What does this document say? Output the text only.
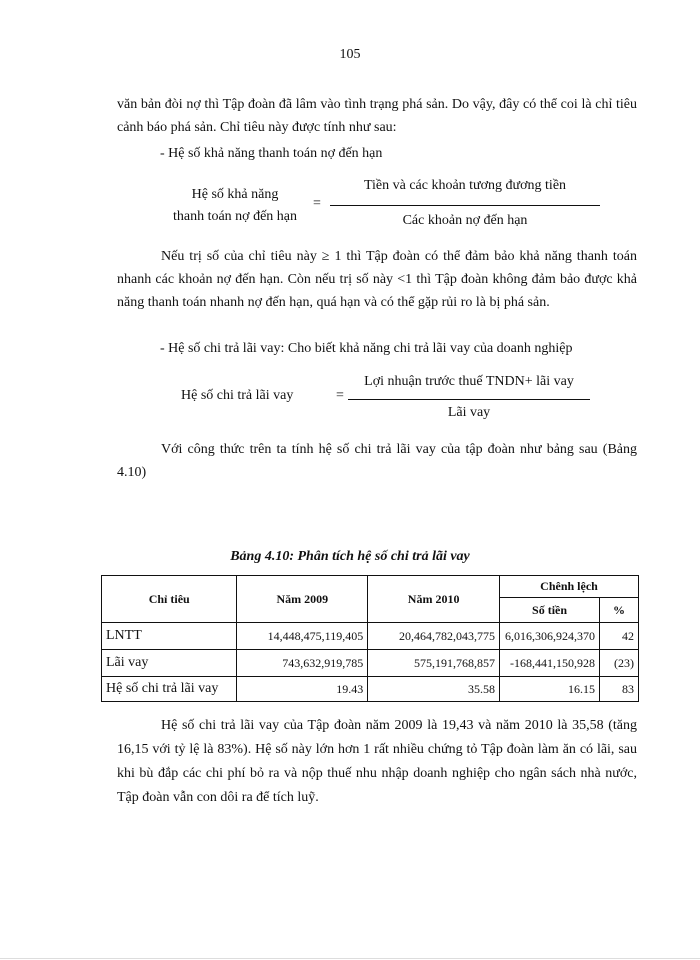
105
văn bản đòi nợ thì Tập đoàn đã lâm vào tình trạng phá sản. Do vậy, đây có thể coi là chỉ tiêu cảnh báo phá sản. Chỉ tiêu này được tính như sau:
- Hệ số khả năng thanh toán nợ đến hạn
Hệ số khả năng
thanh toán nợ đến hạn
=
Tiền và các khoản tương đương tiền
Các khoản nợ đến hạn
Nếu trị số của chỉ tiêu này ≥ 1 thì Tập đoàn có thể đảm bảo khả năng thanh toán nhanh các khoản nợ đến hạn. Còn nếu trị số này <1 thì Tập đoàn không đảm bảo được khả năng thanh toán nhanh nợ đến hạn, quá hạn và có thể gặp rủi ro là bị phá sản.
- Hệ số chi trả lãi vay: Cho biết khả năng chi trả lãi vay của doanh nghiệp
Hệ số chi trả lãi vay	=
Lợi nhuận trước thuế TNDN+ lãi vay
Lãi vay
Với công thức trên ta tính hệ số chi trả lãi vay của tập đoàn như bảng sau (Bảng 4.10)
Bảng 4.10: Phân tích hệ số chi trả lãi vay
Chỉ tiêu	Năm 2009	Năm 2010	Chênh lệch	
			Số tiền	%
LNTT	14,448,475,119,405	20,464,782,043,775	6,016,306,924,370	42
Lãi vay	743,632,919,785	575,191,768,857	-168,441,150,928	(23)
Hệ số chi trả lãi vay	19.43	35.58	16.15	83
Hệ số chi trả lãi vay của Tập đoàn năm 2009 là 19,43 và năm 2010 là 35,58 (tăng 16,15 với tỷ lệ là 83%). Hệ số này lớn hơn 1 rất nhiều chứng tỏ Tập đoàn làm ăn có lãi, sau khi bù đắp các chi phí bỏ ra và nộp thuế nhu nhập doanh nghiệp cho ngân sách nhà nước, Tập đoàn vẫn con dôi ra để tích luỹ.
